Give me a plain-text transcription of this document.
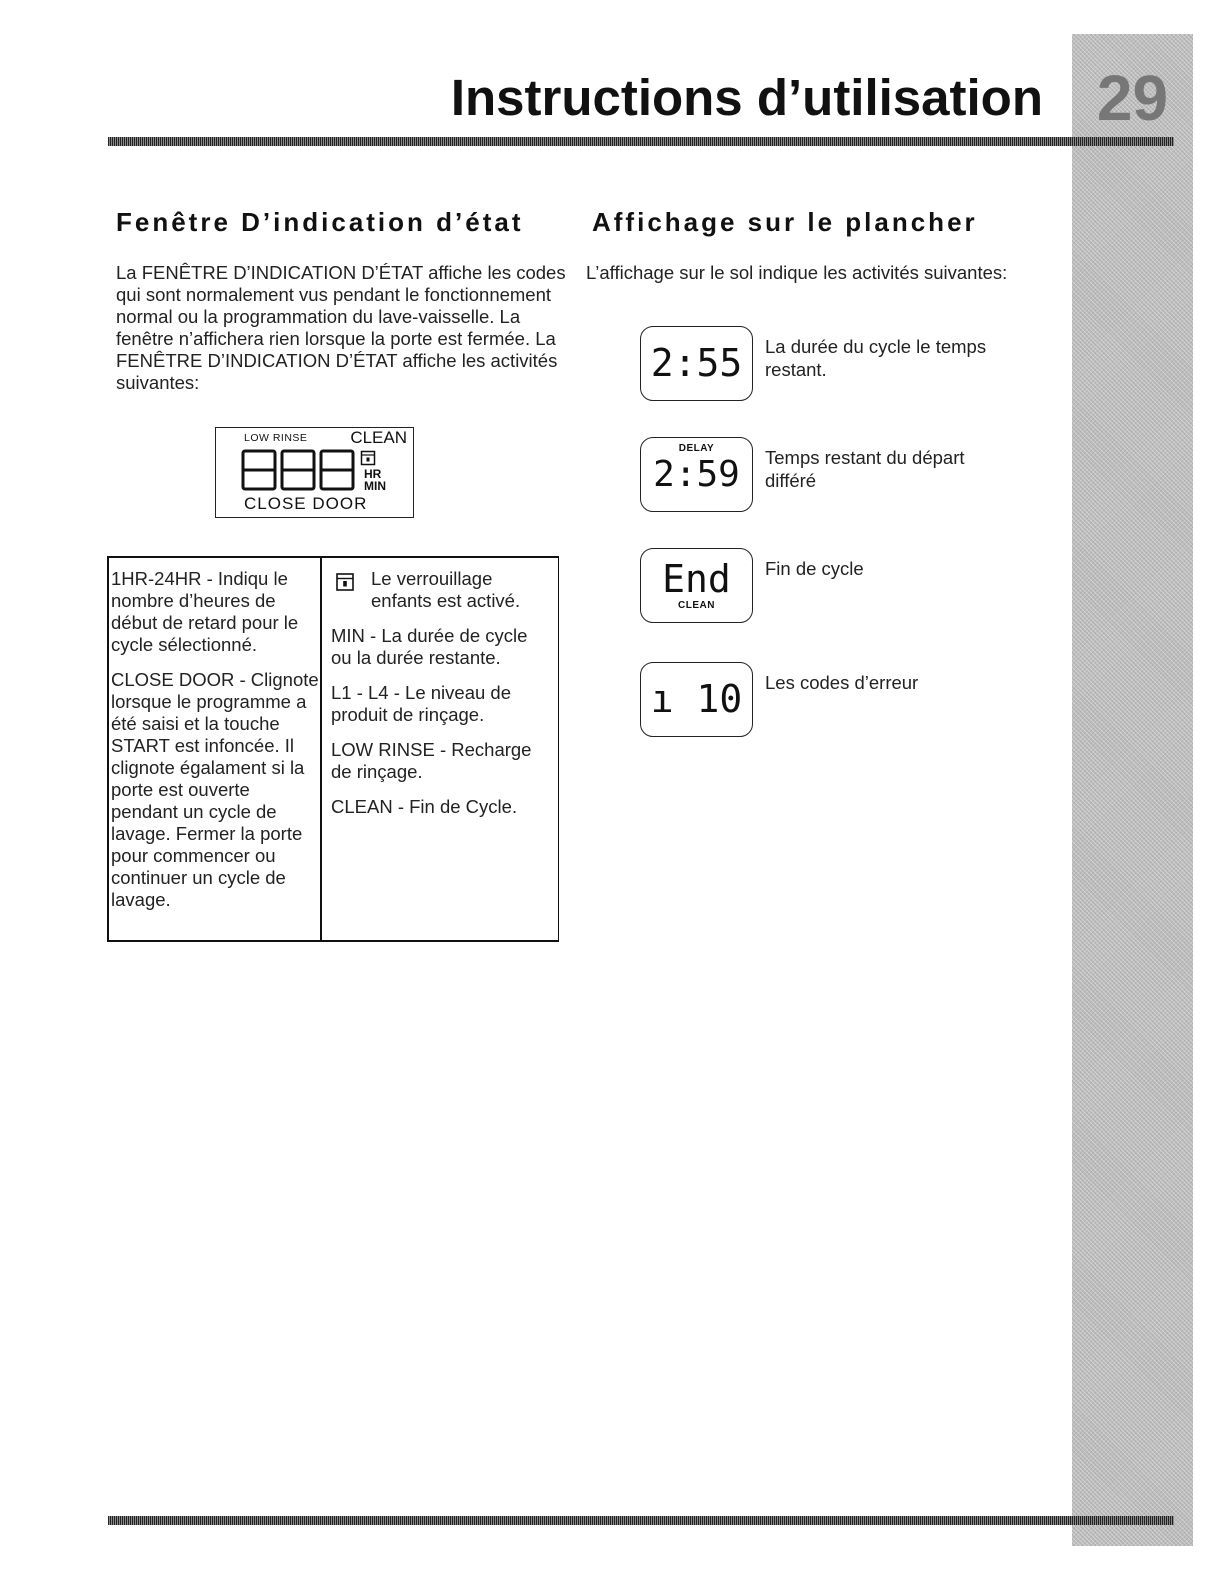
29
Instructions d’utilisation
Fenêtre D’indication d’état

La FENÊTRE D’INDICATION D’ÉTAT affiche les codes qui sont normalement vus pendant le fonctionnement normal ou la programmation du lave-vaisselle. La fenêtre n’affichera rien lorsque la porte est fermée. La FENÊTRE D’INDICATION D’ÉTAT affiche les activités suivantes:

LOW RINSE	CLEAN
HR
MIN
CLOSE DOOR

1HR-24HR - Indiqu le nombre d’heures de début de retard pour le cycle sélectionné.

CLOSE DOOR - Clignote lorsque le programme a été saisi et la touche START est infoncée. Il clignote égalament si la porte est ouverte pendant un cycle de lavage. Fermer la porte pour commencer ou continuer un cycle de lavage.

Le verrouillage enfants est activé.

MIN - La durée de cycle ou la durée restante.

L1 - L4 - Le niveau de produit de rinçage.

LOW RINSE - Recharge de rinçage.

CLEAN - Fin de Cycle.

Affichage sur le plancher

L’affichage sur le sol indique les activités suivantes:

2:55	La durée du cycle le temps restant.

DELAY
2:59	Temps restant du départ différé

End
CLEAN

Fin de cycle

ı 10	Les codes d’erreur
